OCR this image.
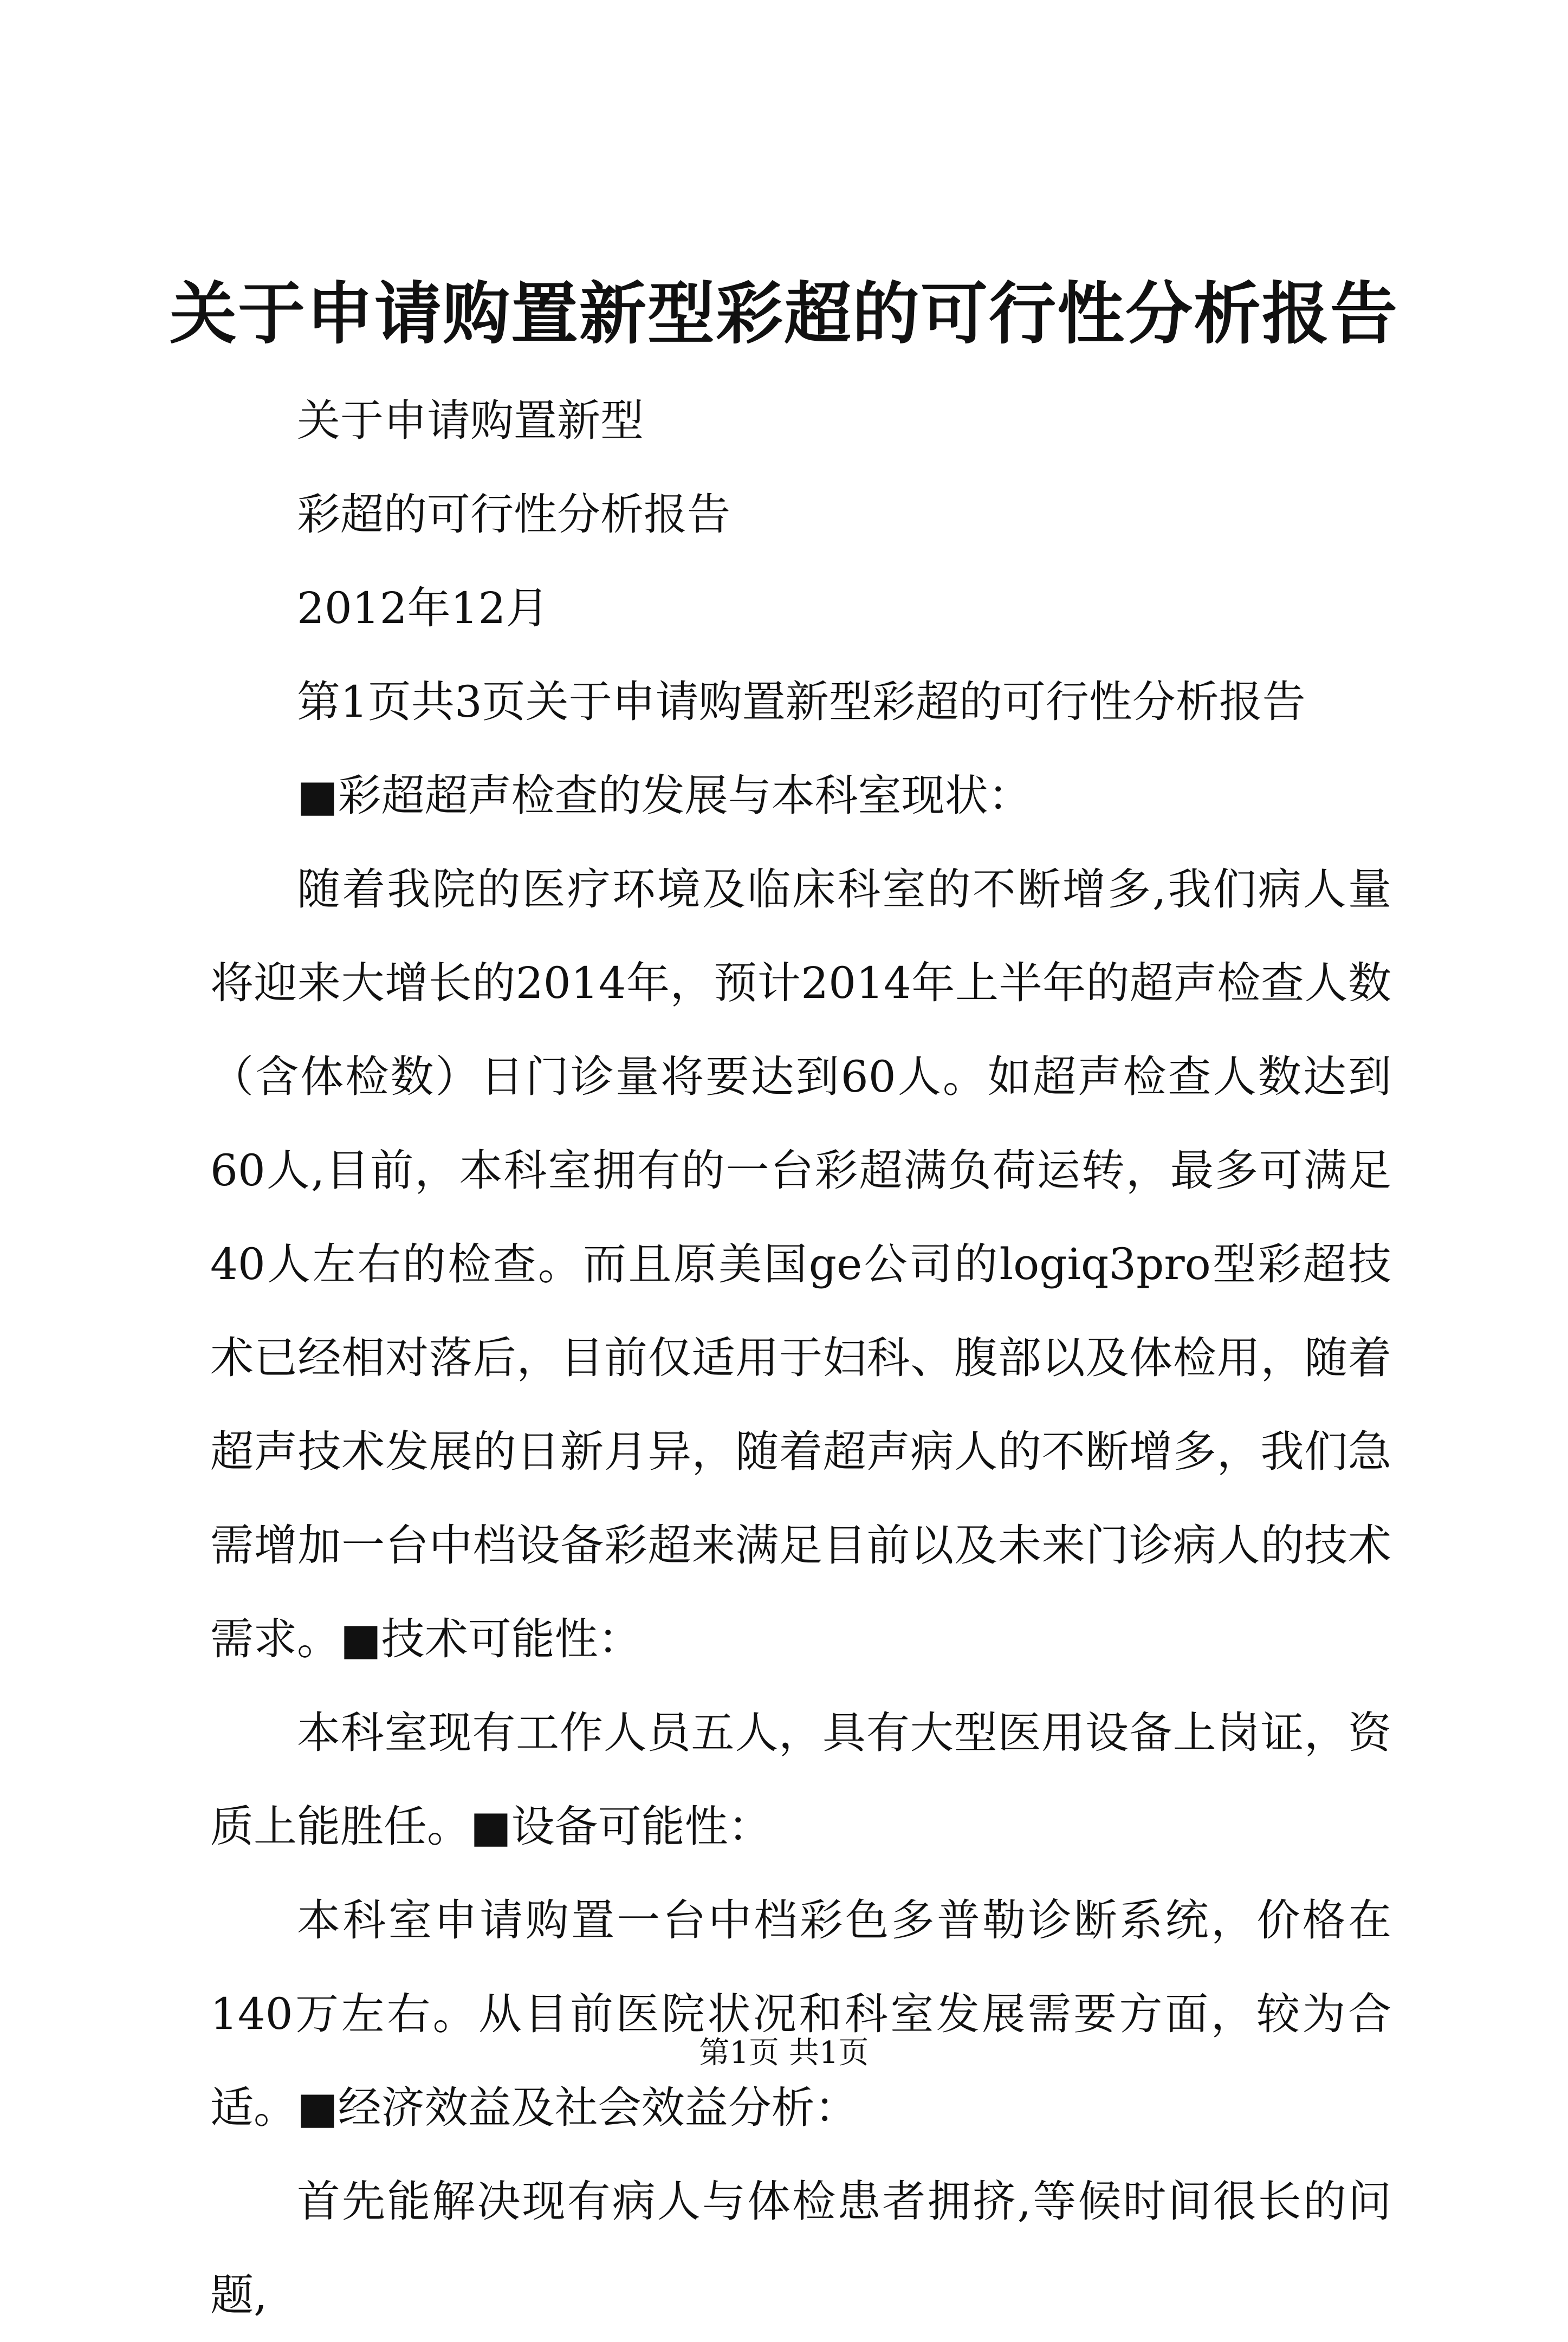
关于申请购置新型彩超的可行性分析报告
关于申请购置新型
彩超的可行性分析报告
2012年12月
第1页共3页关于申请购置新型彩超的可行性分析报告
■彩超超声检查的发展与本科室现状：
随着我院的医疗环境及临床科室的不断增多,我们病人量将迎来大增长的2014年，预计2014年上半年的超声检查人数（含体检数）日门诊量将要达到60人。如超声检查人数达到60人,目前，本科室拥有的一台彩超满负荷运转，最多可满足40人左右的检查。而且原美国ge公司的logiq3pro型彩超技术已经相对落后，目前仅适用于妇科、腹部以及体检用，随着超声技术发展的日新月异，随着超声病人的不断增多，我们急需增加一台中档设备彩超来满足目前以及未来门诊病人的技术需求。■技术可能性：
本科室现有工作人员五人，具有大型医用设备上岗证，资质上能胜任。■设备可能性：
本科室申请购置一台中档彩色多普勒诊断系统，价格在140万左右。从目前医院状况和科室发展需要方面，较为合适。■经济效益及社会效益分析：
首先能解决现有病人与体检患者拥挤,等候时间很长的问题,
第1页 共1页
